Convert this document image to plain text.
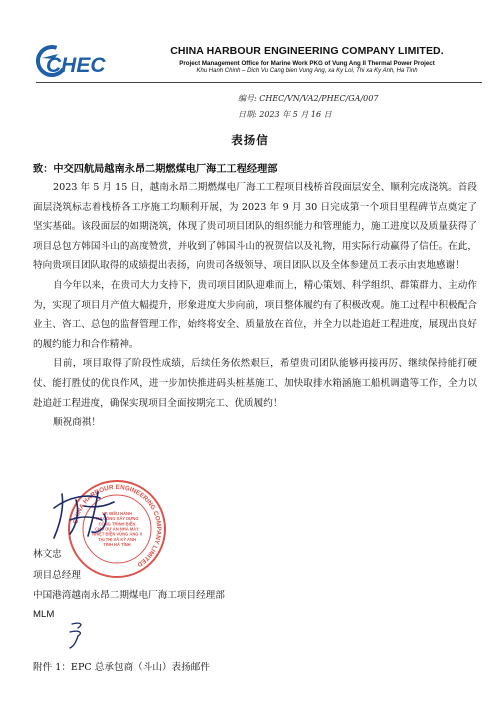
CHEC
CHINA HARBOUR ENGINEERING COMPANY LIMITED.
Project Management Office for Marine Work PKG of Vung Ang II Thermal Power Project
Khu Hanh Chinh – Dich Vu Cang bien Vung Ang, xa Ky Loi, Thi xa Ky Anh, Ha Tinh
编号: CHEC/VN/VA2/PHEC/GA/007
日期: 2023 年 5 月 16 日
表扬信
致：中交四航局越南永昂二期燃煤电厂海工工程经理部

2023 年 5 月 15 日，越南永昂二期燃煤电厂海工工程项目栈桥首段面层安全、顺利完成浇筑。首段面层浇筑标志着栈桥各工序施工均顺利开展，为 2023 年 9 月 30 日完成第一个项目里程碑节点奠定了坚实基础。该段面层的如期浇筑，体现了贵司项目团队的组织能力和管理能力，施工进度以及质量获得了项目总包方韩国斗山的高度赞赏，并收到了韩国斗山的祝贺信以及礼物，用实际行动赢得了信任。在此，特向贵项目团队取得的成绩提出表扬，向贵司各级领导、项目团队以及全体参建员工表示由衷地感谢！

自今年以来，在贵司大力支持下，贵司项目团队迎难而上，精心策划、科学组织、群策群力、主动作为，实现了项目月产值大幅提升，形象进度大步向前，项目整体履约有了积极改观。施工过程中积极配合业主、咨工、总包的监督管理工作，始终将安全、质量放在首位，并全力以赴追赶工程进度，展现出良好的履约能力和合作精神。

目前，项目取得了阶段性成绩，后续任务依然艰巨，希望贵司团队能够再接再厉、继续保持能打硬仗、能打胜仗的优良作风，进一步加快推进码头桩基施工、加快取排水箱涵施工船机调遣等工作，全力以赴追赶工程进度，确保实现项目全面按期完工、优质履约！

顺祝商祺！

CHINA HARBOUR ENGINEERING COMPANY LIMITED
VP. ĐIỀU HÀNH
THI CÔNG XÂY DỰNG
CÔNG TRÌNH BIỂN
CHO DỰ ÁN NHÀ MÁY
NHIỆT ĐIỆN VŨNG ÁNG II
TẠI THỊ XÃ KỲ ANH
TỈNH HÀ TĨNH
林文忠
项目总经理
中国港湾越南永昂二期煤电厂海工项目经理部
MLM
附件 1：EPC 总承包商（斗山）表扬邮件
